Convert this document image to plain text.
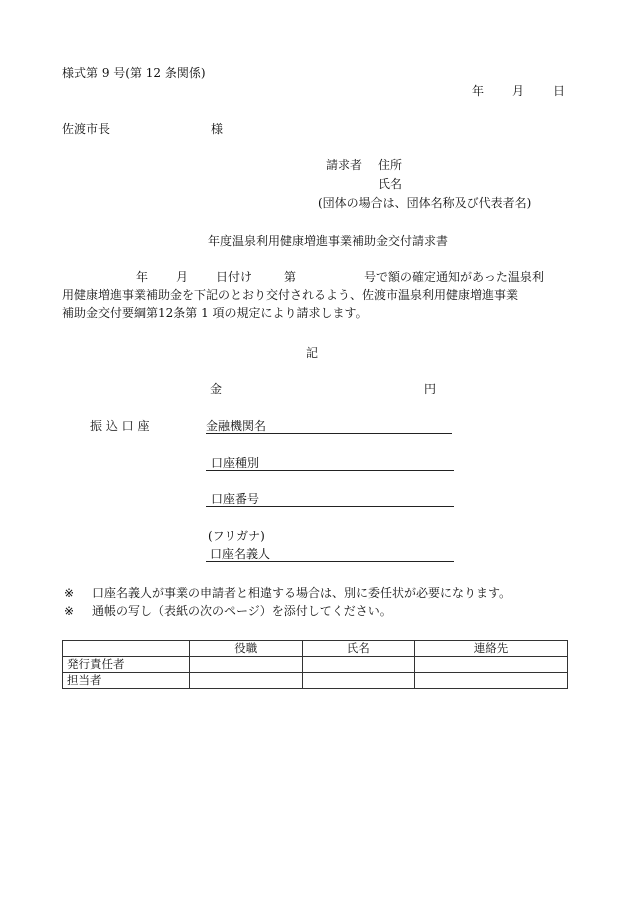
様式第 9 号(第 12 条関係)
年 月 日
佐渡市長	様
請求者 住所
氏名
(団体の場合は、団体名称及び代表者名)
年度温泉利用健康増進事業補助金交付請求書
年 月 日付け	第	号で額の確定通知があった温泉利
用健康増進事業補助金を下記のとおり交付されるよう、佐渡市温泉利用健康増進事業
補助金交付要綱第12条第 1 項の規定により請求します。
記
金	円
振 込 口 座	金融機関名
口座種別
口座番号
(フリガナ)
口座名義人
※ 口座名義人が事業の申請者と相違する場合は、別に委任状が必要になります。
※ 通帳の写し（表紙の次のページ）を添付してください。
	役職	氏名	連絡先
発行責任者			
担当者			
